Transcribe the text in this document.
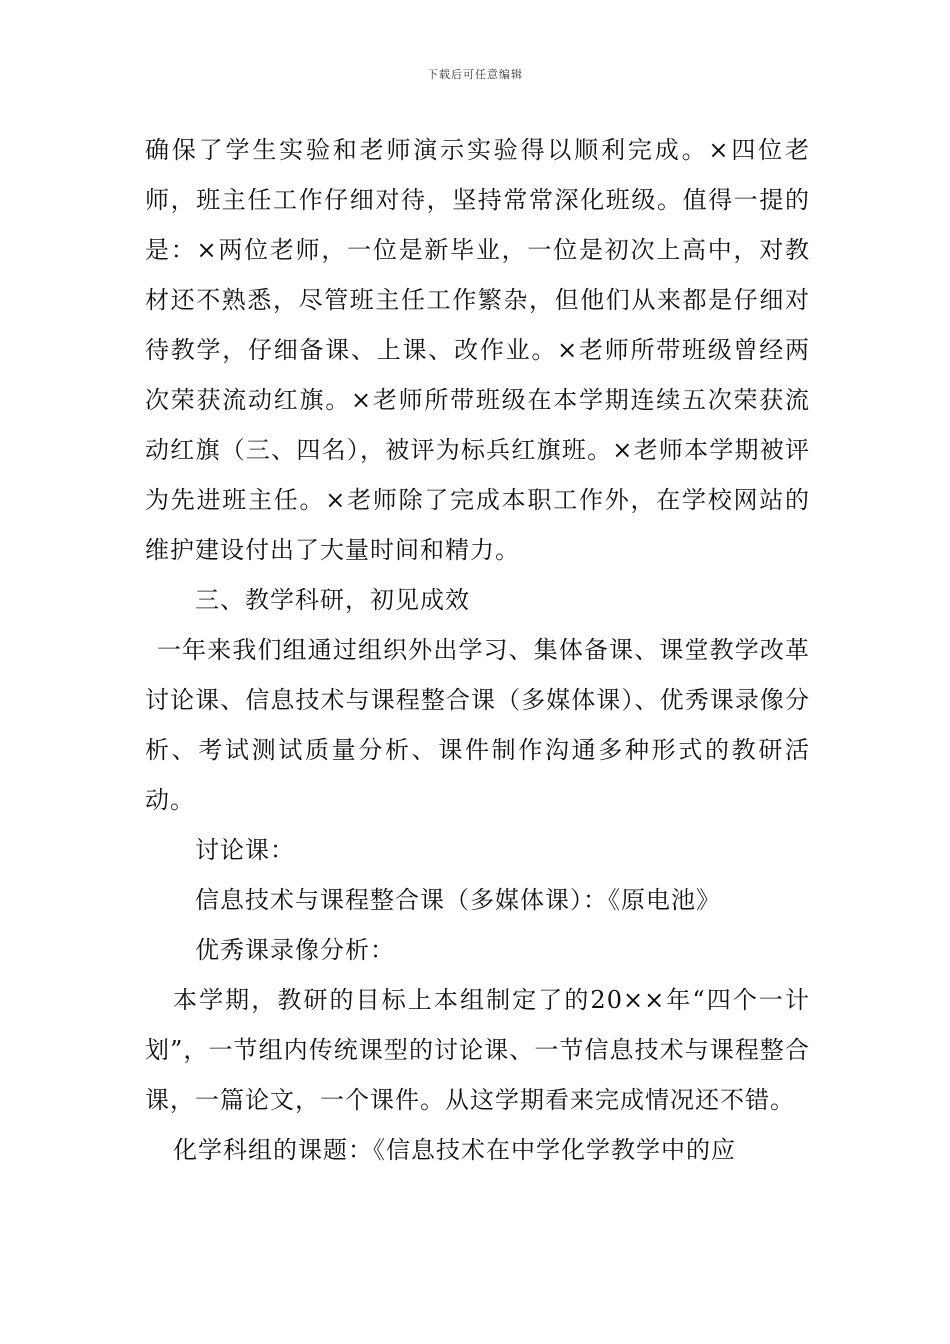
下载后可任意编辑

确保了学生实验和老师演示实验得以顺利完成。×四位老师，班主任工作仔细对待，坚持常常深化班级。值得一提的是：×两位老师，一位是新毕业，一位是初次上高中，对教材还不熟悉，尽管班主任工作繁杂，但他们从来都是仔细对待教学，仔细备课、上课、改作业。×老师所带班级曾经两次荣获流动红旗。×老师所带班级在本学期连续五次荣获流动红旗（三、四名），被评为标兵红旗班。×老师本学期被评为先进班主任。×老师除了完成本职工作外，在学校网站的维护建设付出了大量时间和精力。

三、教学科研，初见成效

一年来我们组通过组织外出学习、集体备课、课堂教学改革讨论课、信息技术与课程整合课（多媒体课）、优秀课录像分析、考试测试质量分析、课件制作沟通多种形式的教研活动。

讨论课：

信息技术与课程整合课（多媒体课）：《原电池》

优秀课录像分析：

本学期，教研的目标上本组制定了的20××年“四个一计划”，一节组内传统课型的讨论课、一节信息技术与课程整合课，一篇论文，一个课件。从这学期看来完成情况还不错。

化学科组的课题：《信息技术在中学化学教学中的应
